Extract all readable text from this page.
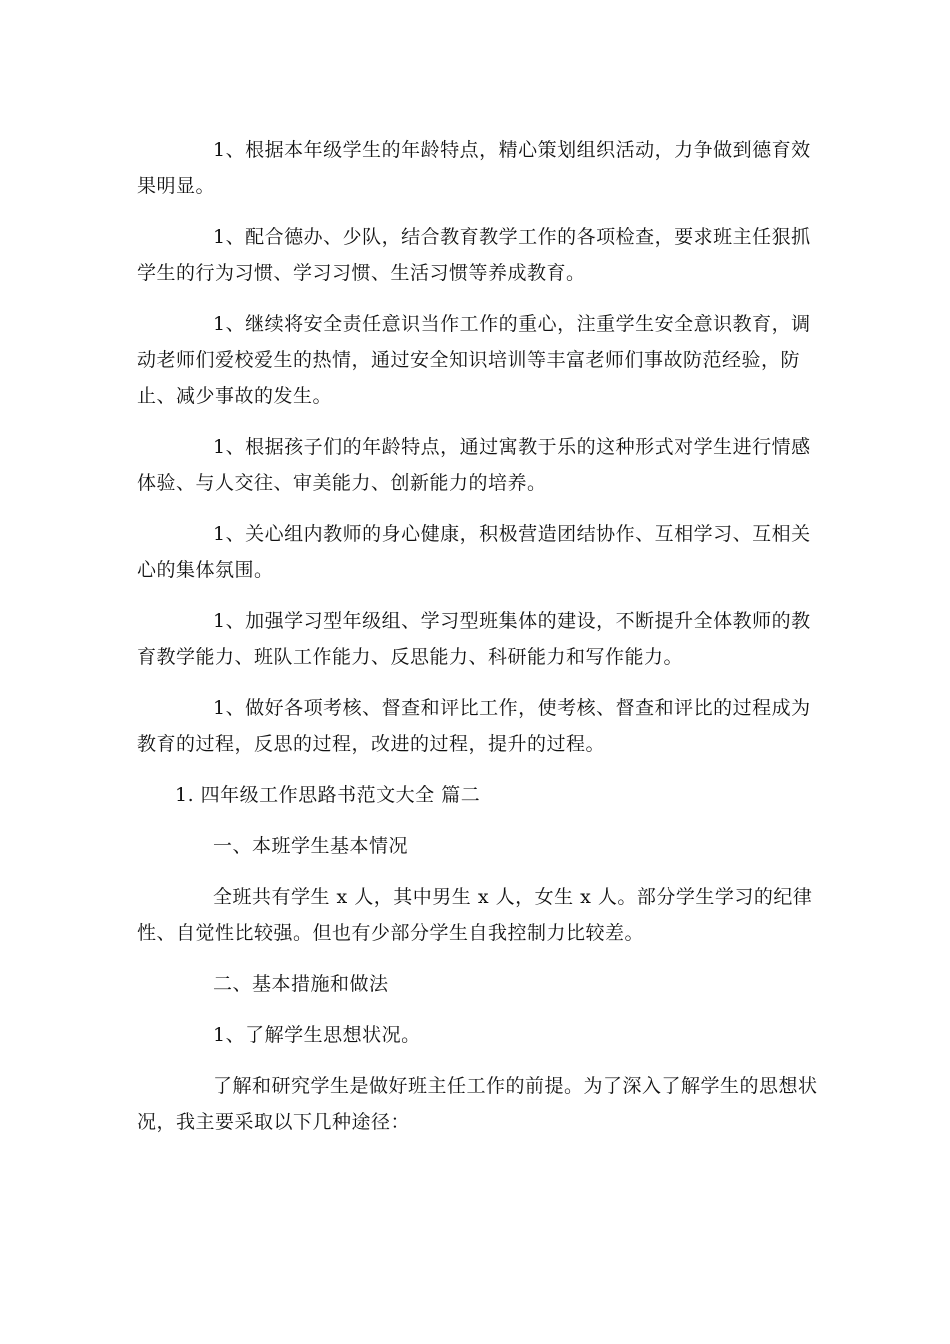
1、根据本年级学生的年龄特点，精心策划组织活动，力争做到德育效果明显。

1、配合德办、少队，结合教育教学工作的各项检查，要求班主任狠抓学生的行为习惯、学习习惯、生活习惯等养成教育。

1、继续将安全责任意识当作工作的重心，注重学生安全意识教育，调动老师们爱校爱生的热情，通过安全知识培训等丰富老师们事故防范经验，防止、减少事故的发生。

1、根据孩子们的年龄特点，通过寓教于乐的这种形式对学生进行情感体验、与人交往、审美能力、创新能力的培养。

1、关心组内教师的身心健康，积极营造团结协作、互相学习、互相关心的集体氛围。

1、加强学习型年级组、学习型班集体的建设，不断提升全体教师的教育教学能力、班队工作能力、反思能力、科研能力和写作能力。

1、做好各项考核、督查和评比工作，使考核、督查和评比的过程成为教育的过程，反思的过程，改进的过程，提升的过程。

1. 四年级工作思路书范文大全 篇二

一、本班学生基本情况

全班共有学生 x 人，其中男生 x 人，女生 x 人。部分学生学习的纪律性、自觉性比较强。但也有少部分学生自我控制力比较差。

二、基本措施和做法

1、了解学生思想状况。

了解和研究学生是做好班主任工作的前提。为了深入了解学生的思想状况，我主要采取以下几种途径：
